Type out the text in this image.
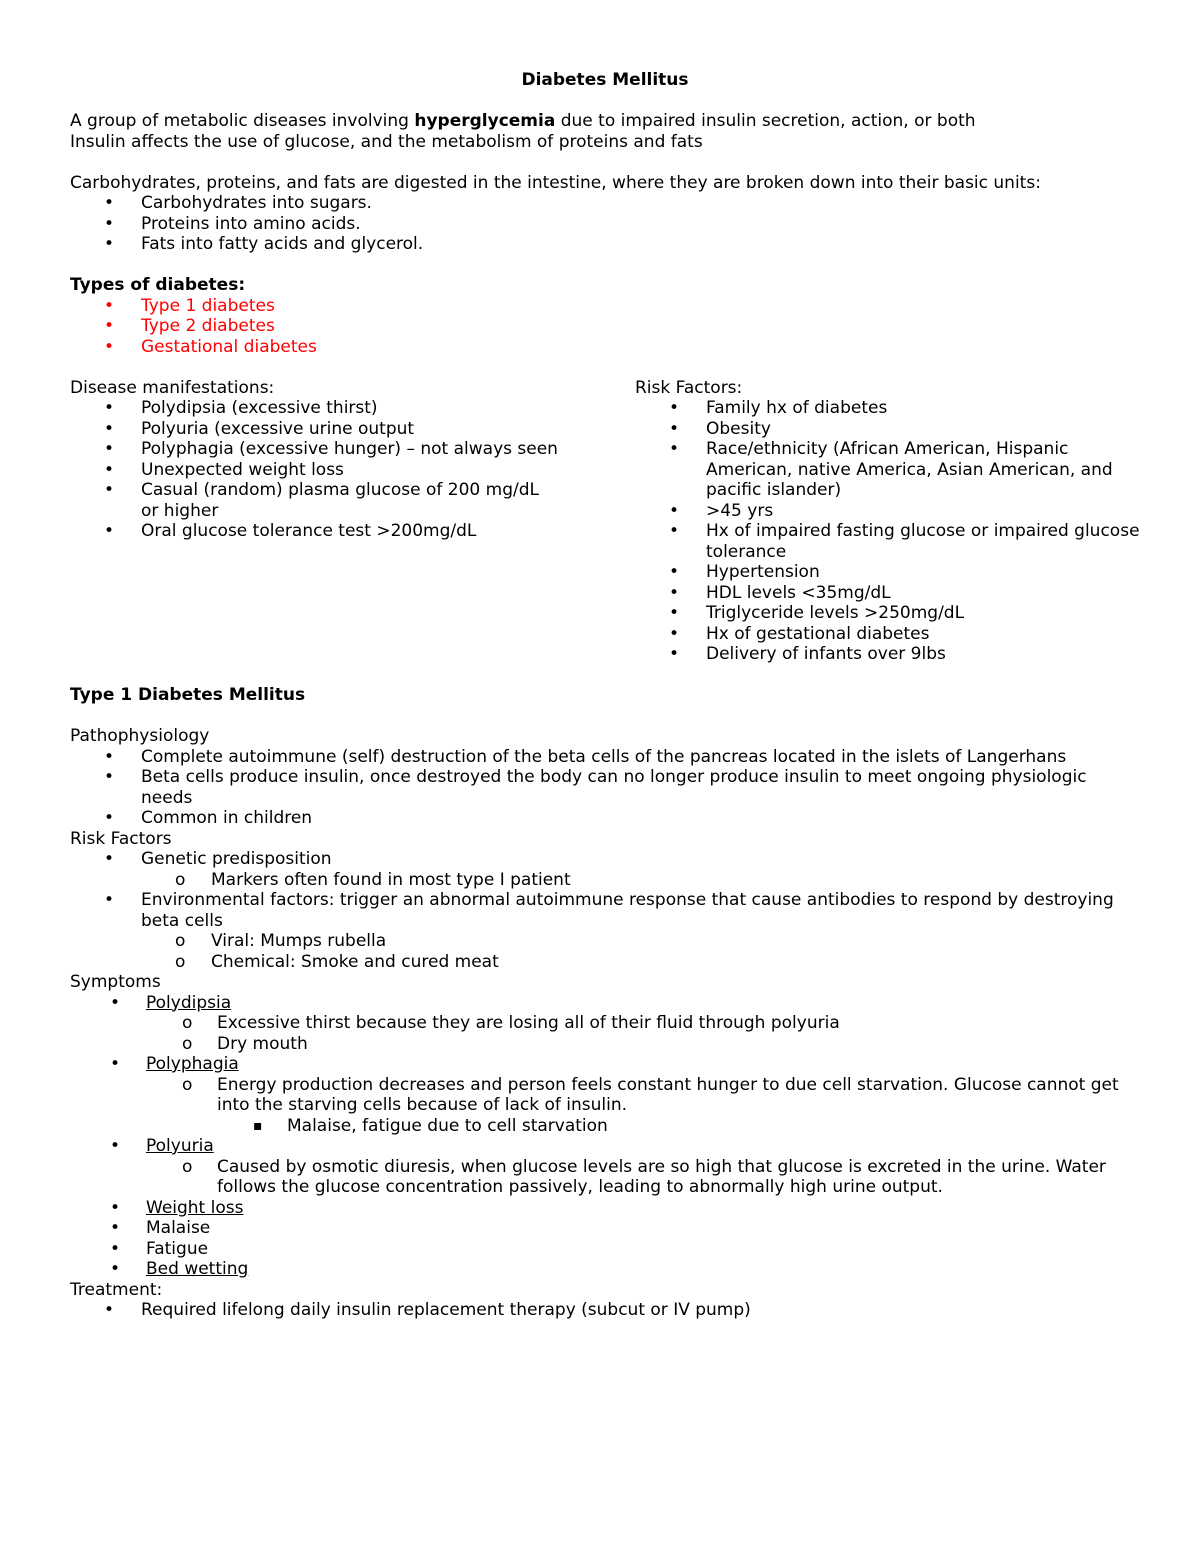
Diabetes Mellitus

A group of metabolic diseases involving hyperglycemia due to impaired insulin secretion, action, or both

Insulin affects the use of glucose, and the metabolism of proteins and fats

Carbohydrates, proteins, and fats are digested in the intestine, where they are broken down into their basic units:

• Carbohydrates into sugars.
• Proteins into amino acids.
• Fats into fatty acids and glycerol.

Types of diabetes:

• Type 1 diabetes
• Type 2 diabetes
• Gestational diabetes

Disease manifestations:

• Polydipsia (excessive thirst)
• Polyuria (excessive urine output
• Polyphagia (excessive hunger) – not always seen
• Unexpected weight loss
• Casual (random) plasma glucose of 200 mg/dL or higher
• Oral glucose tolerance test >200mg/dL

Risk Factors:

• Family hx of diabetes
• Obesity
• Race/ethnicity (African American, Hispanic American, native America, Asian American, and pacific islander)
• >45 yrs
• Hx of impaired fasting glucose or impaired glucose tolerance
• Hypertension
• HDL levels <35mg/dL
• Triglyceride levels >250mg/dL
• Hx of gestational diabetes
• Delivery of infants over 9lbs

Type 1 Diabetes Mellitus

Pathophysiology

• Complete autoimmune (self) destruction of the beta cells of the pancreas located in the islets of Langerhans
• Beta cells produce insulin, once destroyed the body can no longer produce insulin to meet ongoing physiologic needs
• Common in children

Risk Factors

• Genetic predisposition
o Markers often found in most type I patient
• Environmental factors: trigger an abnormal autoimmune response that cause antibodies to respond by destroying beta cells
o Viral: Mumps rubella
o Chemical: Smoke and cured meat

Symptoms

• Polydipsia
o Excessive thirst because they are losing all of their fluid through polyuria
o Dry mouth
• Polyphagia
o Energy production decreases and person feels constant hunger to due cell starvation. Glucose cannot get into the starving cells because of lack of insulin.
▪ Malaise, fatigue due to cell starvation
• Polyuria
o Caused by osmotic diuresis, when glucose levels are so high that glucose is excreted in the urine. Water follows the glucose concentration passively, leading to abnormally high urine output.
• Weight loss
• Malaise
• Fatigue
• Bed wetting

Treatment:

• Required lifelong daily insulin replacement therapy (subcut or IV pump)
